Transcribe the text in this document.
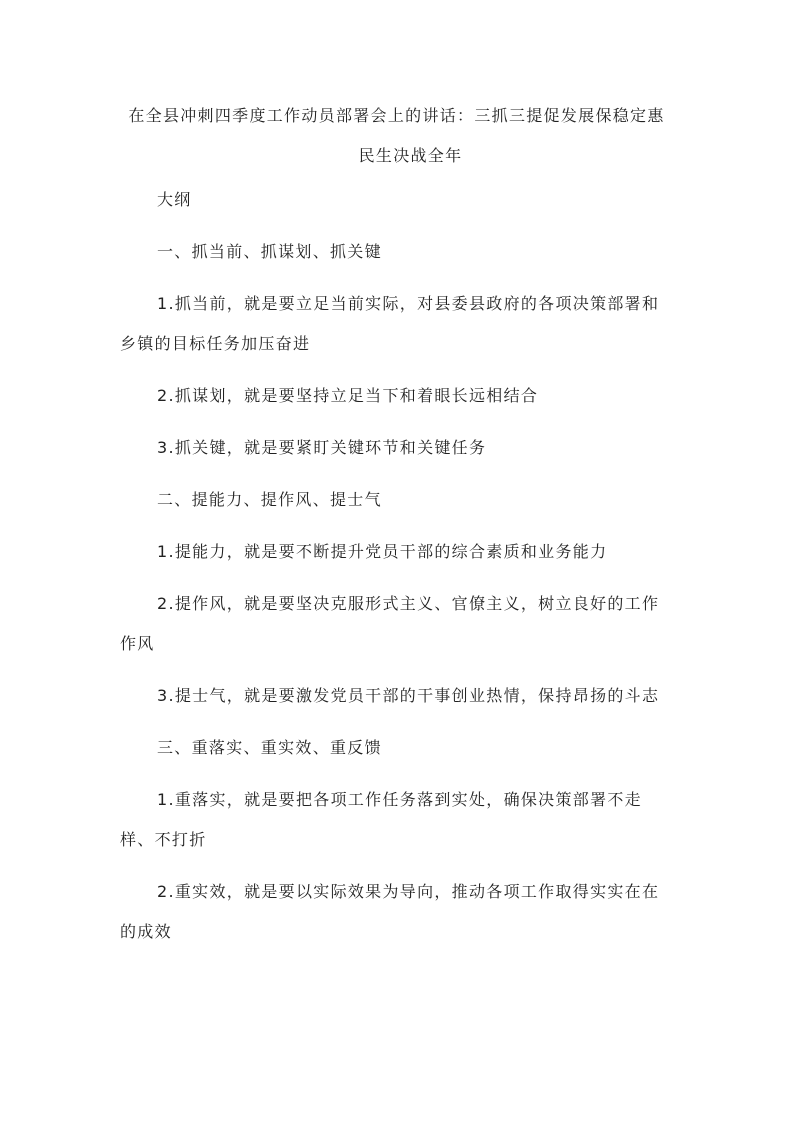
在全县冲刺四季度工作动员部署会上的讲话：三抓三提促发展保稳定惠
民生决战全年

大纲

一、抓当前、抓谋划、抓关键

1.抓当前，就是要立足当前实际，对县委县政府的各项决策部署和乡镇的目标任务加压奋进

2.抓谋划，就是要坚持立足当下和着眼长远相结合

3.抓关键，就是要紧盯关键环节和关键任务

二、提能力、提作风、提士气

1.提能力，就是要不断提升党员干部的综合素质和业务能力

2.提作风，就是要坚决克服形式主义、官僚主义，树立良好的工作作风

3.提士气，就是要激发党员干部的干事创业热情，保持昂扬的斗志

三、重落实、重实效、重反馈

1.重落实，就是要把各项工作任务落到实处，确保决策部署不走样、不打折

2.重实效，就是要以实际效果为导向，推动各项工作取得实实在在的成效
